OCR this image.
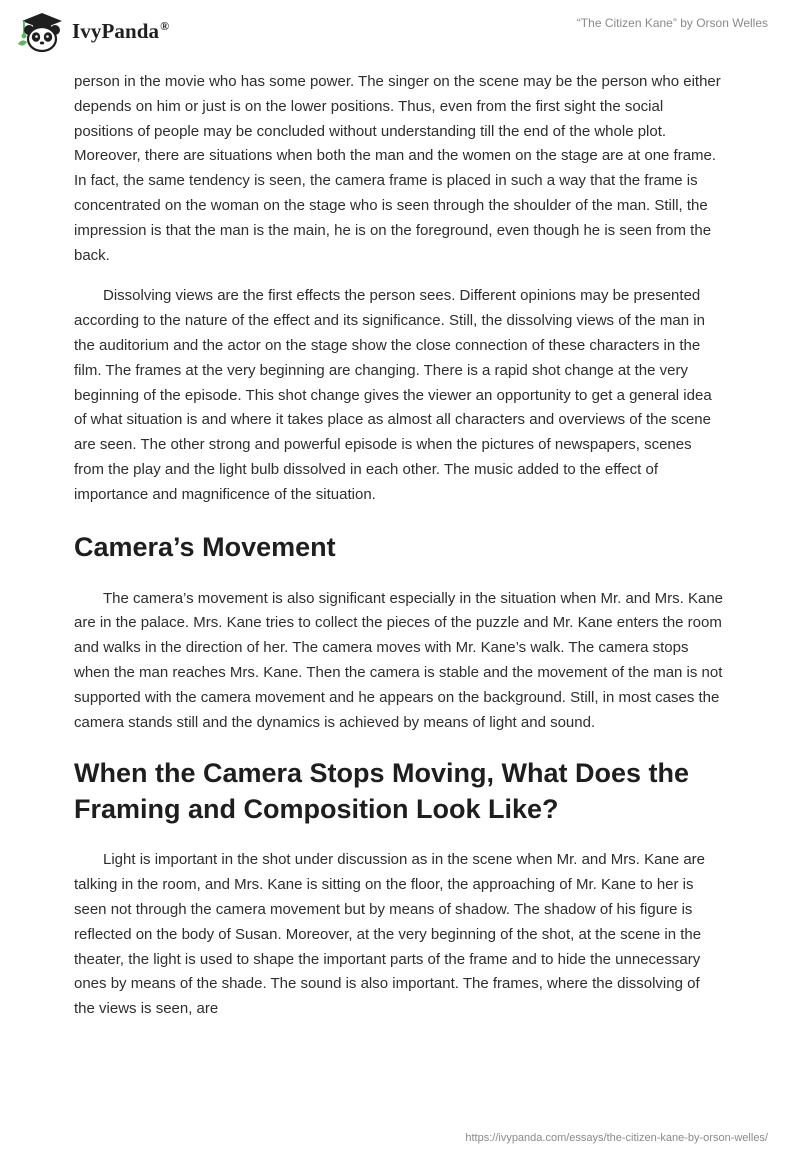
IvyPanda®	“The Citizen Kane” by Orson Welles

person in the movie who has some power. The singer on the scene may be the person who either depends on him or just is on the lower positions. Thus, even from the first sight the social positions of people may be concluded without understanding till the end of the whole plot. Moreover, there are situations when both the man and the women on the stage are at one frame. In fact, the same tendency is seen, the camera frame is placed in such a way that the frame is concentrated on the woman on the stage who is seen through the shoulder of the man. Still, the impression is that the man is the main, he is on the foreground, even though he is seen from the back.

Dissolving views are the first effects the person sees. Different opinions may be presented according to the nature of the effect and its significance. Still, the dissolving views of the man in the auditorium and the actor on the stage show the close connection of these characters in the film. The frames at the very beginning are changing. There is a rapid shot change at the very beginning of the episode. This shot change gives the viewer an opportunity to get a general idea of what situation is and where it takes place as almost all characters and overviews of the scene are seen. The other strong and powerful episode is when the pictures of newspapers, scenes from the play and the light bulb dissolved in each other. The music added to the effect of importance and magnificence of the situation.

Camera’s Movement

The camera’s movement is also significant especially in the situation when Mr. and Mrs. Kane are in the palace. Mrs. Kane tries to collect the pieces of the puzzle and Mr. Kane enters the room and walks in the direction of her. The camera moves with Mr. Kane’s walk. The camera stops when the man reaches Mrs. Kane. Then the camera is stable and the movement of the man is not supported with the camera movement and he appears on the background. Still, in most cases the camera stands still and the dynamics is achieved by means of light and sound.

When the Camera Stops Moving, What Does the Framing and Composition Look Like?

Light is important in the shot under discussion as in the scene when Mr. and Mrs. Kane are talking in the room, and Mrs. Kane is sitting on the floor, the approaching of Mr. Kane to her is seen not through the camera movement but by means of shadow. The shadow of his figure is reflected on the body of Susan. Moreover, at the very beginning of the shot, at the scene in the theater, the light is used to shape the important parts of the frame and to hide the unnecessary ones by means of the shade. The sound is also important. The frames, where the dissolving of the views is seen, are

https://ivypanda.com/essays/the-citizen-kane-by-orson-welles/
